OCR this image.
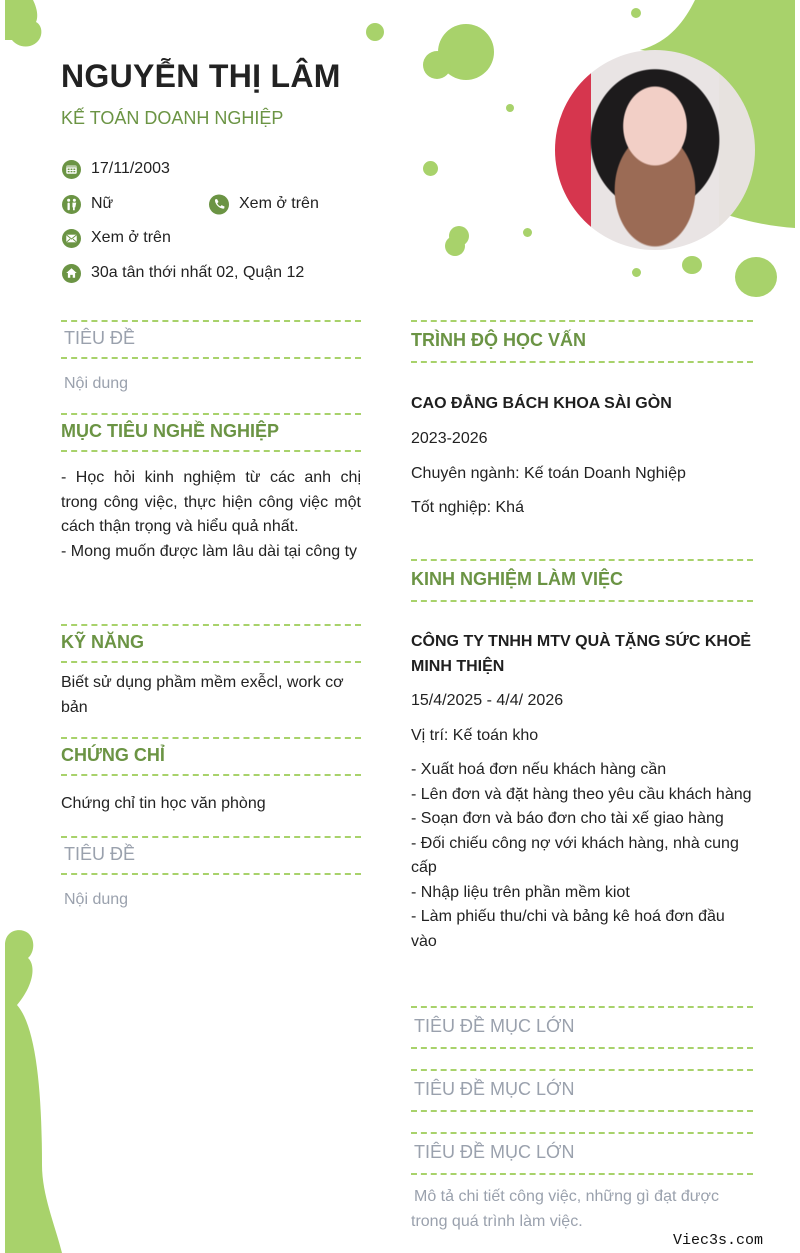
NGUYỄN THỊ LÂM
KẾ TOÁN DOANH NGHIỆP
17/11/2003
Nữ	Xem ở trên
Xem ở trên
30a tân thới nhất 02, Quận 12
TIÊU ĐỀ
Nội dung
MỤC TIÊU NGHỀ NGHIỆP
- Học hỏi kinh nghiệm từ các anh chị trong công việc, thực hiện công việc một cách thận trọng và hiểu quả nhất.
- Mong muốn được làm lâu dài tại công ty
KỸ NĂNG
Biết sử dụng phầm mềm exễcl, work cơ bản
CHỨNG CHỈ
Chứng chỉ tin học văn phòng
TIÊU ĐỀ
Nội dung
TRÌNH ĐỘ HỌC VẤN
CAO ĐẲNG BÁCH KHOA SÀI GÒN
2023-2026
Chuyên ngành: Kế toán Doanh Nghiệp
Tốt nghiệp: Khá
KINH NGHIỆM LÀM VIỆC
CÔNG TY TNHH MTV QUÀ TẶNG SỨC KHOẺ MINH THIỆN
15/4/2025 - 4/4/ 2026
Vị trí: Kế toán kho
- Xuất hoá đơn nếu khách hàng cần
- Lên đơn và đặt hàng theo yêu cầu khách hàng
- Soạn đơn và báo đơn cho tài xế giao hàng
- Đối chiếu công nợ với khách hàng, nhà cung cấp
- Nhập liệu trên phần mềm kiot
- Làm phiếu thu/chi và bảng kê hoá đơn đầu vào
TIÊU ĐỀ MỤC LỚN
TIÊU ĐỀ MỤC LỚN
TIÊU ĐỀ MỤC LỚN
Mô tả chi tiết công việc, những gì đạt được trong quá trình làm việc.
Viec3s.com
